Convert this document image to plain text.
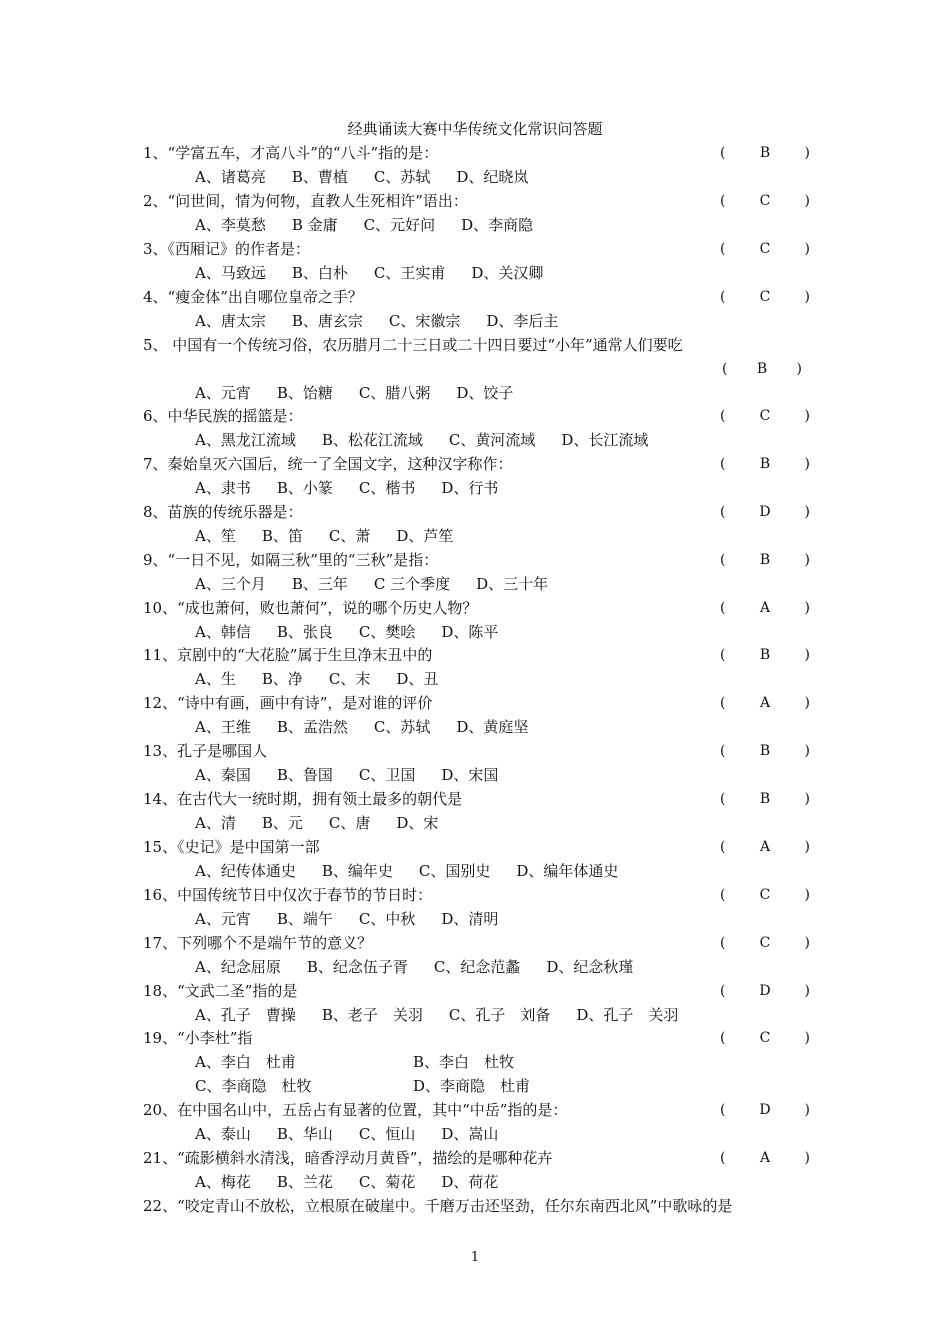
经典诵读大赛中华传统文化常识问答题
1、“学富五车，才高八斗”的“八斗”指的是：	( B )
A、诸葛亮 B、曹植 C、苏轼 D、纪晓岚
2、“问世间，情为何物，直教人生死相许”语出：	( C )
A、李莫愁 B 金庸 C、元好问 D、李商隐
3、《西厢记》的作者是：	( C )
A、马致远 B、白朴 C、王实甫 D、关汉卿
4、“瘦金体”出自哪位皇帝之手？	( C )
A、唐太宗 B、唐玄宗 C、宋徽宗 D、李后主
5、 中国有一个传统习俗，农历腊月二十三日或二十四日要过“小年”通常人们要吃
( B )
A、元宵 B、饴糖 C、腊八粥 D、饺子
6、中华民族的摇篮是：	( C )
A、黑龙江流域 B、松花江流域 C、黄河流域 D、长江流域
7、秦始皇灭六国后，统一了全国文字，这种汉字称作：	( B )
A、隶书 B、小篆 C、楷书 D、行书
8、苗族的传统乐器是：	( D )
A、笙 B、笛 C、萧 D、芦笙
9、“一日不见，如隔三秋”里的“三秋”是指：	( B )
A、三个月 B、三年 C 三个季度 D、三十年
10、“成也萧何，败也萧何”，说的哪个历史人物？	( A )
A、韩信 B、张良 C、樊哙 D、陈平
11、京剧中的“大花脸”属于生旦净末丑中的	( B )
A、生 B、净 C、末 D、丑
12、“诗中有画，画中有诗”，是对谁的评价	( A )
A、王维 B、孟浩然 C、苏轼 D、黄庭坚
13、孔子是哪国人	( B )
A、秦国 B、鲁国 C、卫国 D、宋国
14、在古代大一统时期，拥有领土最多的朝代是	( B )
A、清 B、元 C、唐 D、宋
15、《史记》是中国第一部	( A )
A、纪传体通史 B、编年史 C、国别史 D、编年体通史
16、中国传统节日中仅次于春节的节日时：	( C )
A、元宵 B、端午 C、中秋 D、清明
17、下列哪个不是端午节的意义？	( C )
A、纪念屈原 B、纪念伍子胥 C、纪念范蠡 D、纪念秋瑾
18、“文武二圣”指的是	( D )
A、孔子　曹操 B、老子　关羽 C、孔子　刘备 D、孔子　关羽
19、“小李杜”指	( C )
A、李白　杜甫	B、李白　杜牧
C、李商隐　杜牧	D、李商隐　杜甫
20、在中国名山中，五岳占有显著的位置，其中“中岳”指的是：	( D )
A、泰山 B、华山 C、恒山 D、嵩山
21、“疏影横斜水清浅，暗香浮动月黄昏”，描绘的是哪种花卉	( A )
A、梅花 B、兰花 C、菊花 D、荷花
22、“咬定青山不放松，立根原在破崖中。千磨万击还坚劲，任尔东南西北风”中歌咏的是
1
